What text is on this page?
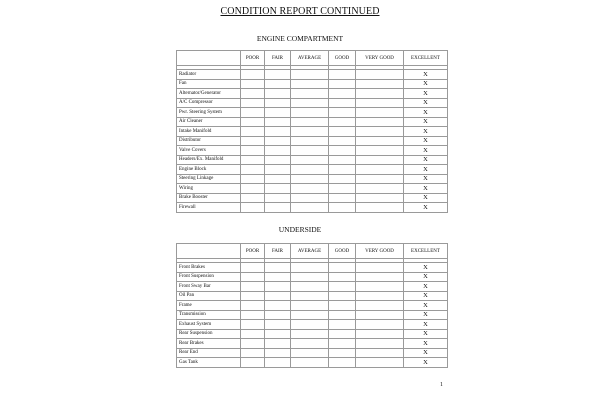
CONDITION REPORT CONTINUED
ENGINE COMPARTMENT
	POOR	FAIR	AVERAGE	GOOD	VERY GOOD	EXCELLENT

Radiator						X
Fan						X
Alternator/Generator						X
A/C Compressor						X
Pwr. Steering System						X
Air Cleaner						X
Intake Manifold						X
Distributor						X
Valve Covers						X
Headers/Ex. Manifold						X
Engine Block						X
Steering Linkage						X
Wiring						X
Brake Booster						X
Firewall						X
UNDERSIDE
	POOR	FAIR	AVERAGE	GOOD	VERY GOOD	EXCELLENT

Front Brakes						X
Front Suspension						X
Front Sway Bar						X
Oil Pan						X
Frame						X
Transmission						X
Exhaust System						X
Rear Suspension						X
Rear Brakes						X
Rear End						X
Gas Tank						X
1
